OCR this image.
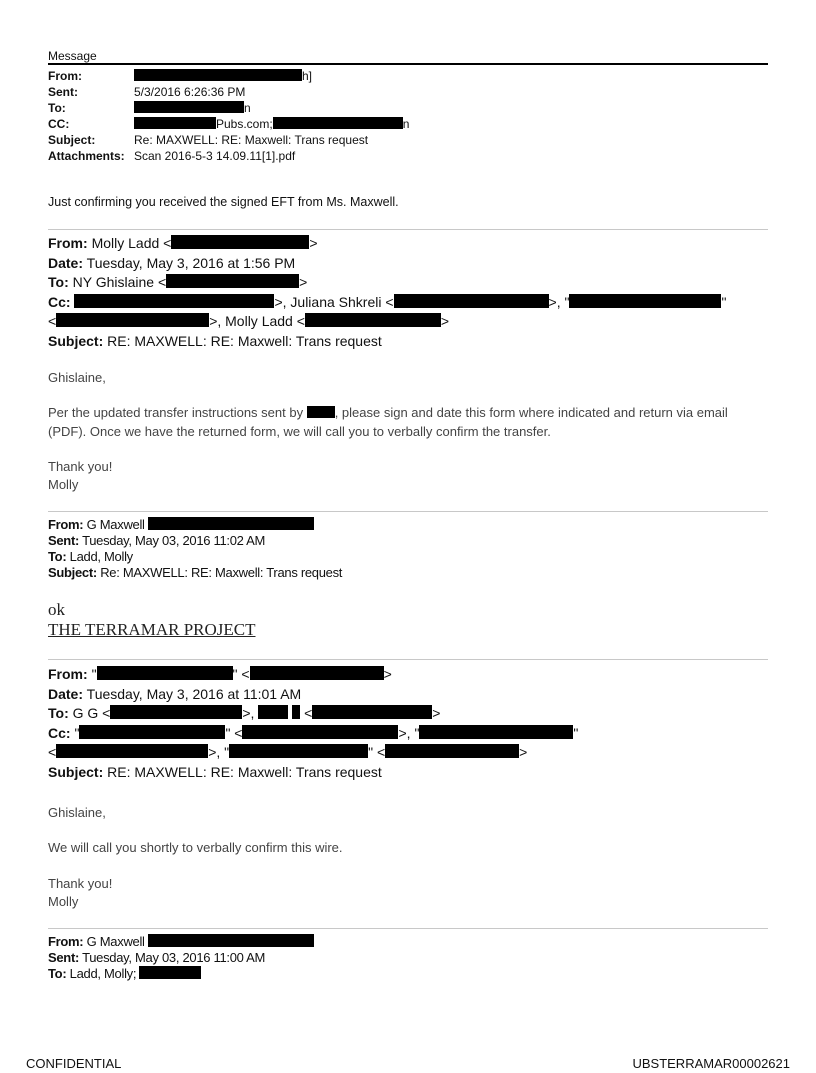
Message
From:	h]
Sent:	5/3/2016 6:26:36 PM
To:	n
CC:	Pubs.com;	n
Subject:	Re: MAXWELL: RE: Maxwell: Trans request
Attachments: Scan 2016-5-3 14.09.11[1].pdf
Just confirming you received the signed EFT from Ms. Maxwell.
From: Molly Ladd <	>
Date: Tuesday, May 3, 2016 at 1:56 PM
To: NY Ghislaine <	>
Cc:	>, Juliana Shkreli <	>, "	"
<	>, Molly Ladd <	>
Subject: RE: MAXWELL: RE: Maxwell: Trans request
Ghislaine,
Per the updated transfer instructions sent by , please sign and date this form where indicated and return via email
(PDF). Once we have the returned form, we will call you to verbally confirm the transfer.
Thank you!
Molly
From: G Maxwell
Sent: Tuesday, May 03, 2016 11:02 AM
To: Ladd, Molly
Subject: Re: MAXWELL: RE: Maxwell: Trans request
ok
THE TERRAMAR PROJECT
From: "	" <	>
Date: Tuesday, May 3, 2016 at 11:01 AM
To: G G <	>,	<	>
Cc: "	" <	>, "	"
<	>, "	" <	>
Subject: RE: MAXWELL: RE: Maxwell: Trans request
Ghislaine,
We will call you shortly to verbally confirm this wire.
Thank you!
Molly
From: G Maxwell
Sent: Tuesday, May 03, 2016 11:00 AM
To: Ladd, Molly;
CONFIDENTIAL	UBSTERRAMAR00002621
